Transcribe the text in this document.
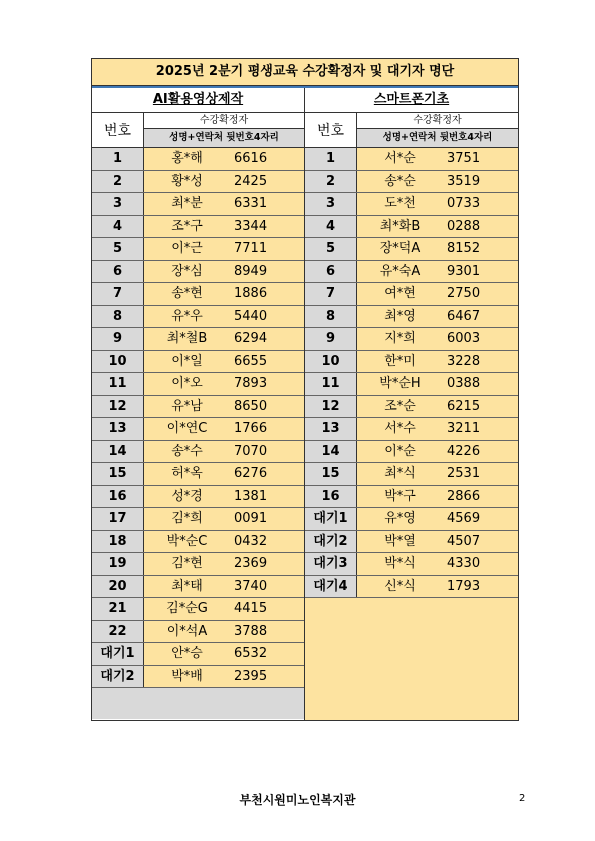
2025년 2분기 평생교육 수강확정자 및 대기자 명단
AI활용영상제작
번호
수강확정자
성명+연락처 뒷번호4자리
1	홍*해	6616
2	황*성	2425
3	최*분	6331
4	조*구	3344
5	이*근	7711
6	장*심	8949
7	송*현	1886
8	유*우	5440
9	최*철B	6294
10	이*일	6655
11	이*오	7893
12	유*남	8650
13	이*연C	1766
14	송*수	7070
15	허*옥	6276
16	성*경	1381
17	김*희	0091
18	박*순C	0432
19	김*현	2369
20	최*태	3740
21	김*순G	4415
22	이*석A	3788
대기1	안*승	6532
대기2	박*배	2395
스마트폰기초
번호
수강확정자
성명+연락처 뒷번호4자리
1	서*순	3751
2	송*순	3519
3	도*천	0733
4	최*화B	0288
5	장*덕A	8152
6	유*숙A	9301
7	여*현	2750
8	최*영	6467
9	지*희	6003
10	한*미	3228
11	박*순H	0388
12	조*순	6215
13	서*수	3211
14	이*순	4226
15	최*식	2531
16	박*구	2866
대기1	유*영	4569
대기2	박*열	4507
대기3	박*식	4330
대기4	신*식	1793
부천시원미노인복지관	2
